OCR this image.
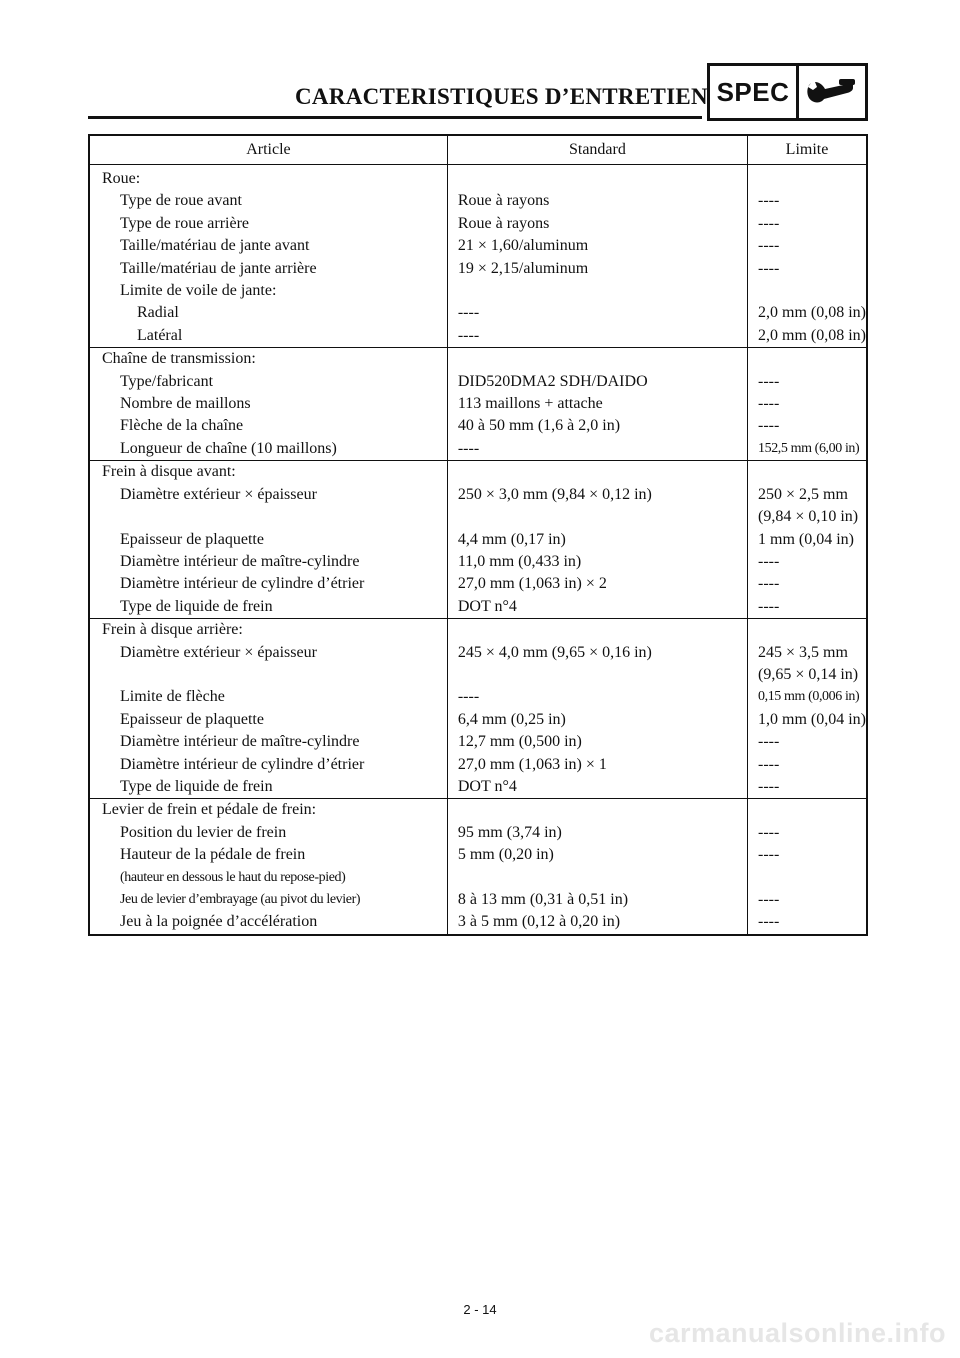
CARACTERISTIQUES D’ENTRETIEN SPEC
Article	Standard	Limite
Roue:		
Type de roue avant	Roue à rayons	----
Type de roue arrière	Roue à rayons	----
Taille/matériau de jante avant	21 × 1,60/aluminum	----
Taille/matériau de jante arrière	19 × 2,15/aluminum	----
Limite de voile de jante:		
Radial	----	2,0 mm (0,08 in)
Latéral	----	2,0 mm (0,08 in)
Chaîne de transmission:		
Type/fabricant	DID520DMA2 SDH/DAIDO	----
Nombre de maillons	113 maillons + attache	----
Flèche de la chaîne	40 à 50 mm (1,6 à 2,0 in)	----
Longueur de chaîne (10 maillons)	----	152,5 mm (6,00 in)
Frein à disque avant:		
Diamètre extérieur × épaisseur	250 × 3,0 mm (9,84 × 0,12 in)	250 × 2,5 mm
(9,84 × 0,10 in)

Epaisseur de plaquette	4,4 mm (0,17 in)	1 mm (0,04 in)
Diamètre intérieur de maître-cylindre	11,0 mm (0,433 in)	----
Diamètre intérieur de cylindre d’étrier	27,0 mm (1,063 in) × 2	----
Type de liquide de frein	DOT n°4	----
Frein à disque arrière:		
Diamètre extérieur × épaisseur	245 × 4,0 mm (9,65 × 0,16 in)	245 × 3,5 mm
(9,65 × 0,14 in)

Limite de flèche	----	0,15 mm (0,006 in)
Epaisseur de plaquette	6,4 mm (0,25 in)	1,0 mm (0,04 in)
Diamètre intérieur de maître-cylindre	12,7 mm (0,500 in)	----
Diamètre intérieur de cylindre d’étrier	27,0 mm (1,063 in) × 1	----
Type de liquide de frein	DOT n°4	----
Levier de frein et pédale de frein:		
Position du levier de frein	95 mm (3,74 in)	----
Hauteur de la pédale de frein	5 mm (0,20 in)	----
(hauteur en dessous le haut du repose-pied)		
Jeu de levier d’embrayage (au pivot du levier)	8 à 13 mm (0,31 à 0,51 in)	----
Jeu à la poignée d’accélération	3 à 5 mm (0,12 à 0,20 in)	----
2 - 14
carmanualsonline.info
